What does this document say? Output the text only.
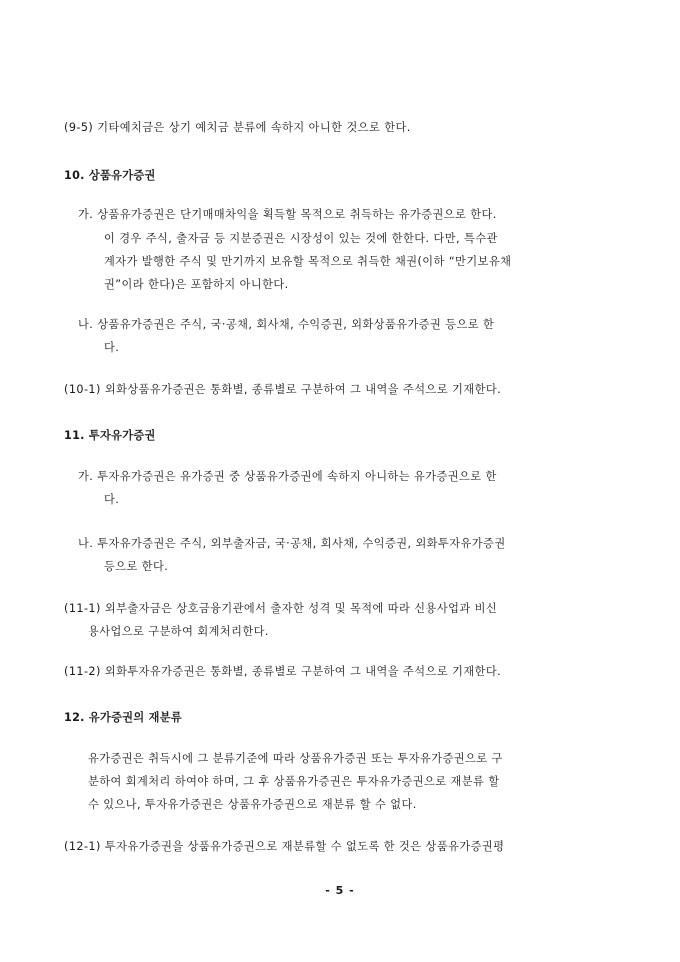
(9-5) 기타예치금은 상기 예치금 분류에 속하지 아니한 것으로 한다.
10. 상품유가증권
가. 상품유가증권은 단기매매차익을 획득할 목적으로 취득하는 유가증권으로 한다.
이 경우 주식, 출자금 등 지분증권은 시장성이 있는 것에 한한다. 다만, 특수관
계자가 발행한 주식 및 만기까지 보유할 목적으로 취득한 채권(이하 “만기보유채
권”이라 한다)은 포함하지 아니한다.
나. 상품유가증권은 주식, 국·공채, 회사채, 수익증권, 외화상품유가증권 등으로 한
다.
(10-1) 외화상품유가증권은 통화별, 종류별로 구분하여 그 내역을 주석으로 기재한다.
11. 투자유가증권
가. 투자유가증권은 유가증권 중 상품유가증권에 속하지 아니하는 유가증권으로 한
다.
나. 투자유가증권은 주식, 외부출자금, 국·공채, 회사채, 수익증권, 외화투자유가증권
등으로 한다.
(11-1) 외부출자금은 상호금융기관에서 출자한 성격 및 목적에 따라 신용사업과 비신
용사업으로 구분하여 회계처리한다.
(11-2) 외화투자유가증권은 통화별, 종류별로 구분하여 그 내역을 주석으로 기재한다.
12. 유가증권의 재분류
유가증권은 취득시에 그 분류기준에 따라 상품유가증권 또는 투자유가증권으로 구
분하여 회계처리 하여야 하며, 그 후 상품유가증권은 투자유가증권으로 재분류 할
수 있으나, 투자유가증권은 상품유가증권으로 재분류 할 수 없다.
(12-1) 투자유가증권을 상품유가증권으로 재분류할 수 없도록 한 것은 상품유가증권평
- 5 -
